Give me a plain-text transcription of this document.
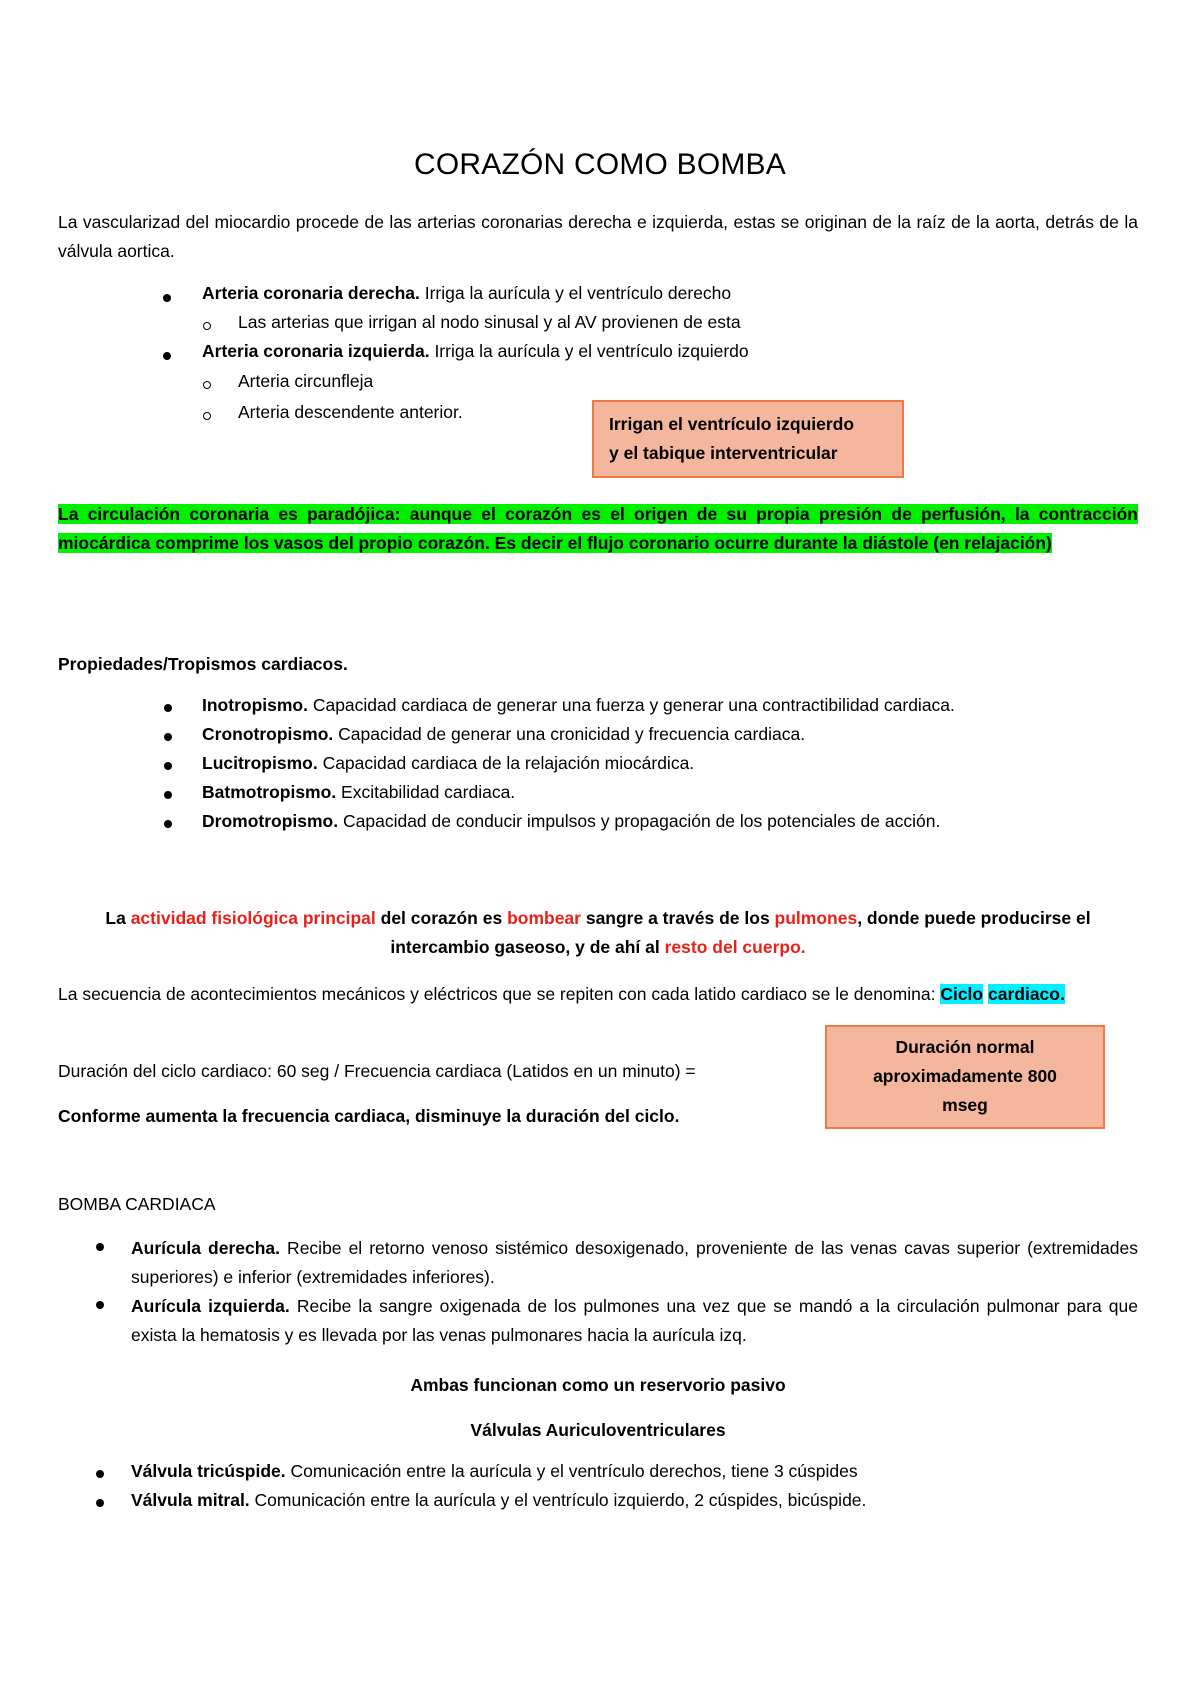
CORAZÓN COMO BOMBA
La vascularizad del miocardio procede de las arterias coronarias derecha e izquierda, estas se originan de la raíz de la aorta, detrás de la válvula aortica.
Arteria coronaria derecha. Irriga la aurícula y el ventrículo derecho
Las arterias que irrigan al nodo sinusal y al AV provienen de esta
Arteria coronaria izquierda. Irriga la aurícula y el ventrículo izquierdo
Arteria circunfleja
Arteria descendente anterior.
Irrigan el ventrículo izquierdo
y el tabique interventricular
La circulación coronaria es paradójica: aunque el corazón es el origen de su propia presión de perfusión, la contracción miocárdica comprime los vasos del propio corazón. Es decir el flujo coronario ocurre durante la diástole (en relajación)
Propiedades/Tropismos cardiacos.
Inotropismo. Capacidad cardiaca de generar una fuerza y generar una contractibilidad cardiaca.
Cronotropismo. Capacidad de generar una cronicidad y frecuencia cardiaca.
Lucitropismo. Capacidad cardiaca de la relajación miocárdica.
Batmotropismo. Excitabilidad cardiaca.
Dromotropismo. Capacidad de conducir impulsos y propagación de los potenciales de acción.
La actividad fisiológica principal del corazón es bombear sangre a través de los pulmones, donde puede producirse el
intercambio gaseoso, y de ahí al resto del cuerpo.
La secuencia de acontecimientos mecánicos y eléctricos que se repiten con cada latido cardiaco se le denomina: Ciclo cardiaco.
Duración del ciclo cardiaco: 60 seg / Frecuencia cardiaca (Latidos en un minuto) =
Conforme aumenta la frecuencia cardiaca, disminuye la duración del ciclo.
Duración normal
aproximadamente 800
mseg
BOMBA CARDIACA
Aurícula derecha. Recibe el retorno venoso sistémico desoxigenado, proveniente de las venas cavas superior (extremidades superiores) e inferior (extremidades inferiores).
Aurícula izquierda. Recibe la sangre oxigenada de los pulmones una vez que se mandó a la circulación pulmonar para que exista la hematosis y es llevada por las venas pulmonares hacia la aurícula izq.
Ambas funcionan como un reservorio pasivo
Válvulas Auriculoventriculares
Válvula tricúspide. Comunicación entre la aurícula y el ventrículo derechos, tiene 3 cúspides
Válvula mitral. Comunicación entre la aurícula y el ventrículo izquierdo, 2 cúspides, bicúspide.
